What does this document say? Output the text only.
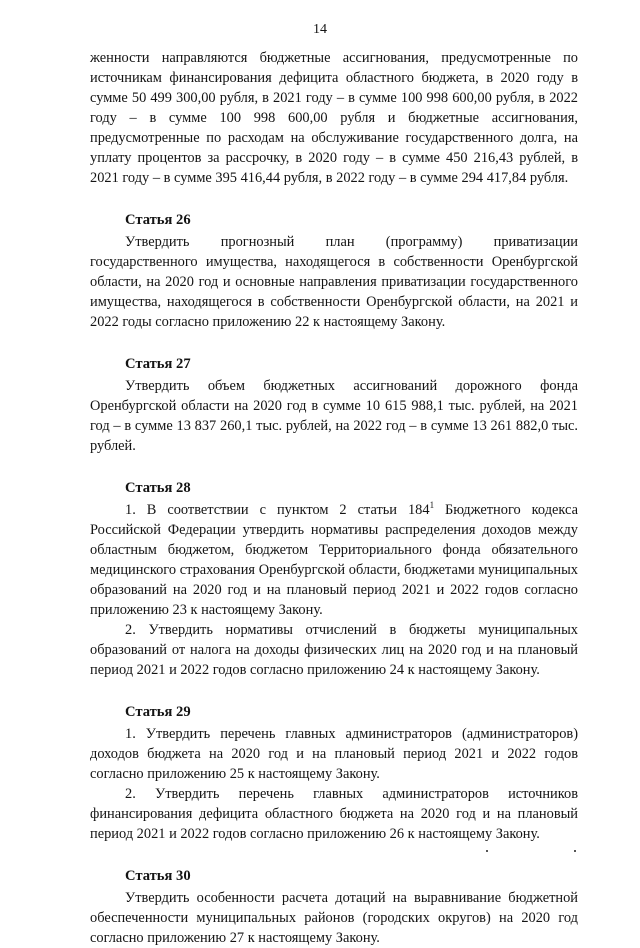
14

женности направляются бюджетные ассигнования, предусмотренные по источникам финансирования дефицита областного бюджета, в 2020 году в сумме 50 499 300,00 рубля, в 2021 году – в сумме 100 998 600,00 рубля, в 2022 году – в сумме 100 998 600,00 рубля и бюджетные ассигнования, предусмотренные по расходам на обслуживание государственного долга, на уплату процентов за рассрочку, в 2020 году – в сумме 450 216,43 рублей, в 2021 году – в сумме 395 416,44 рубля, в 2022 году – в сумме 294 417,84 рубля.

Статья 26

Утвердить прогнозный план (программу) приватизации государственного имущества, находящегося в собственности Оренбургской области, на 2020 год и основные направления приватизации государственного имущества, находящегося в собственности Оренбургской области, на 2021 и 2022 годы согласно приложению 22 к настоящему Закону.

Статья 27

Утвердить объем бюджетных ассигнований дорожного фонда Оренбургской области на 2020 год в сумме 10 615 988,1 тыс. рублей, на 2021 год – в сумме 13 837 260,1 тыс. рублей, на 2022 год – в сумме 13 261 882,0 тыс. рублей.

Статья 28

1. В соответствии с пунктом 2 статьи $184^1$ Бюджетного кодекса Российской Федерации утвердить нормативы распределения доходов между областным бюджетом, бюджетом Территориального фонда обязательного медицинского страхования Оренбургской области, бюджетами муниципальных образований на 2020 год и на плановый период 2021 и 2022 годов согласно приложению 23 к настоящему Закону.

2. Утвердить нормативы отчислений в бюджеты муниципальных образований от налога на доходы физических лиц на 2020 год и на плановый период 2021 и 2022 годов согласно приложению 24 к настоящему Закону.

Статья 29

1. Утвердить перечень главных администраторов (администраторов) доходов бюджета на 2020 год и на плановый период 2021 и 2022 годов согласно приложению 25 к настоящему Закону.

2. Утвердить перечень главных администраторов источников финансирования дефицита областного бюджета на 2020 год и на плановый период 2021 и 2022 годов согласно приложению 26 к настоящему Закону.

Статья 30

Утвердить особенности расчета дотаций на выравнивание бюджетной обеспеченности муниципальных районов (городских округов) на 2020 год согласно приложению 27 к настоящему Закону.
